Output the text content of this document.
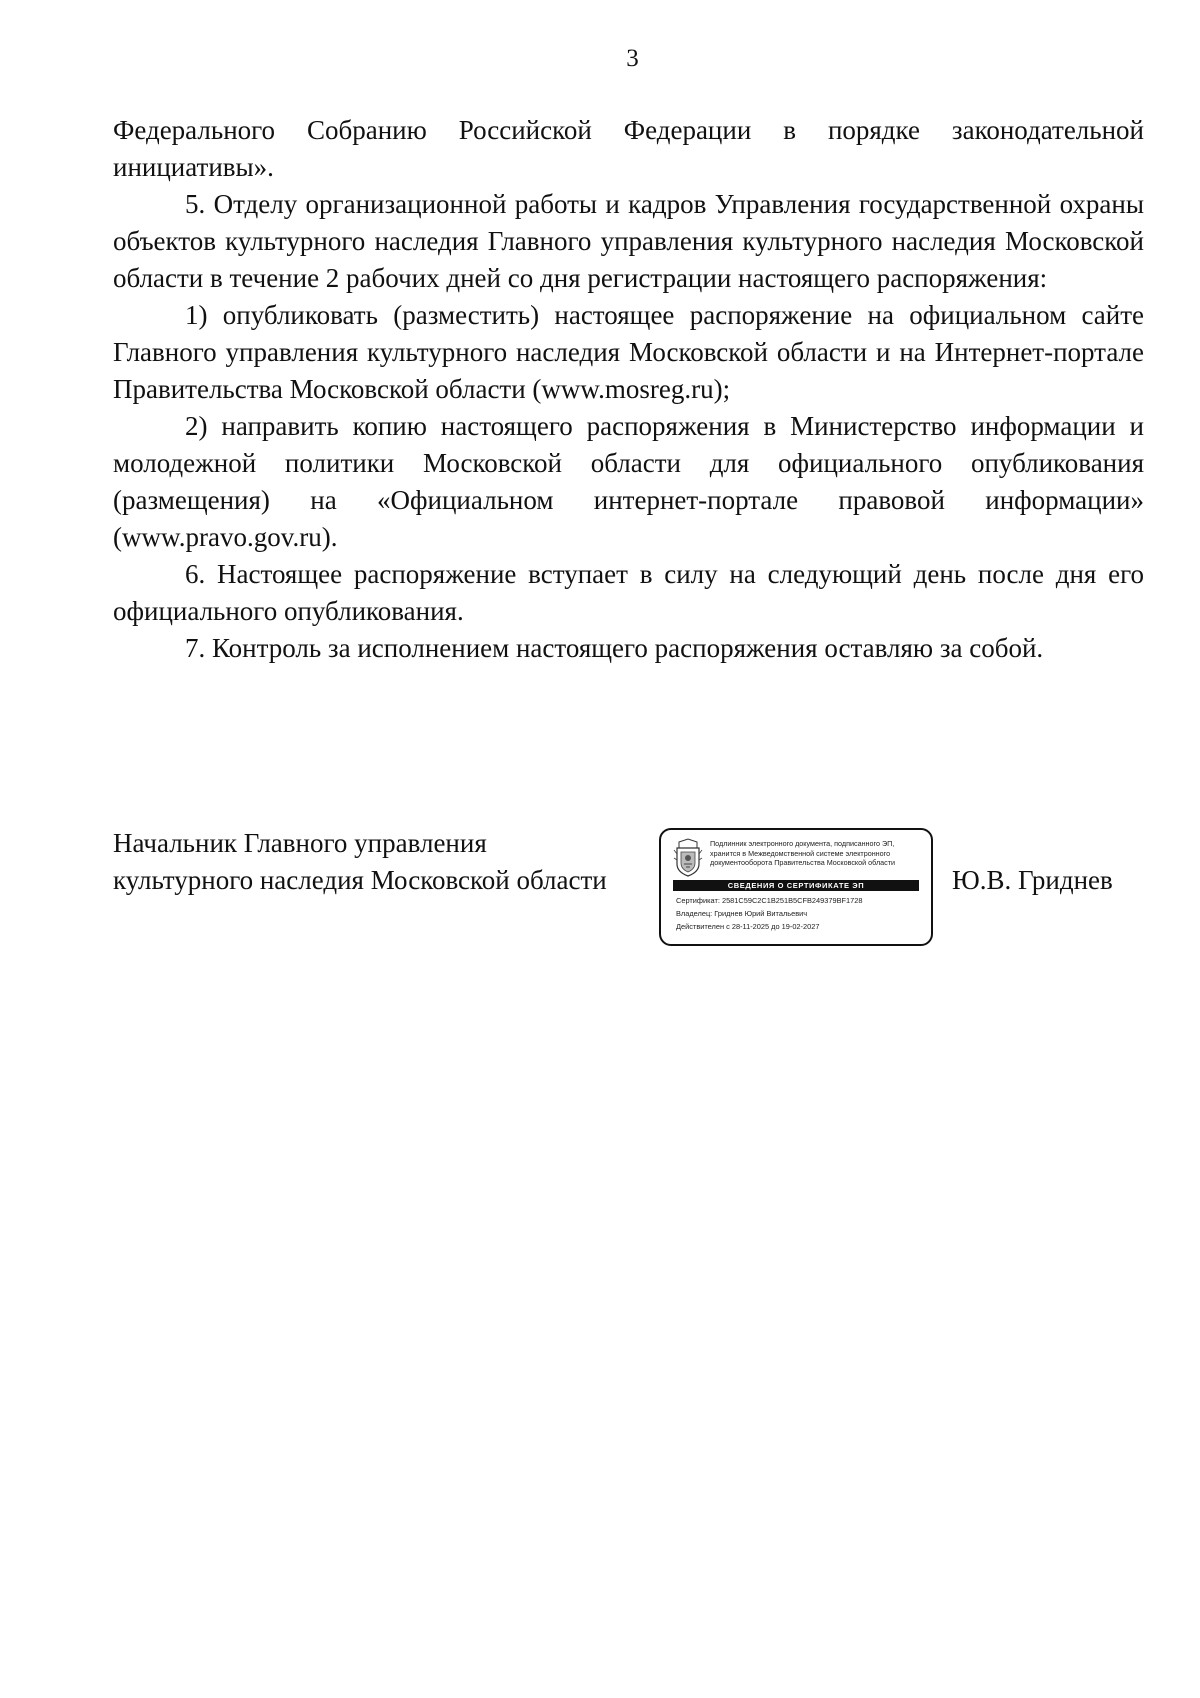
3

Федерального Собранию Российской Федерации в порядке законодательной инициативы».

5. Отделу организационной работы и кадров Управления государственной охраны объектов культурного наследия Главного управления культурного наследия Московской области в течение 2 рабочих дней со дня регистрации настоящего распоряжения:

1) опубликовать (разместить) настоящее распоряжение на официальном сайте Главного управления культурного наследия Московской области и на Интернет-портале Правительства Московской области (www.mosreg.ru);

2) направить копию настоящего распоряжения в Министерство информации и молодежной политики Московской области для официального опубликования (размещения) на «Официальном интернет-портале правовой информации» (www.pravo.gov.ru).

6. Настоящее распоряжение вступает в силу на следующий день после дня его официального опубликования.

7. Контроль за исполнением настоящего распоряжения оставляю за собой.

Начальник Главного управления
культурного наследия Московской области
Подлинник электронного документа, подписанного ЭП,
хранится в Межведомственной системе электронного
документооборота Правительства Московской области
СВЕДЕНИЯ О СЕРТИФИКАТЕ ЭП
Сертификат: 2581C59C2C1B251B5CFB249379BF1728
Владелец: Гриднев Юрий Витальевич
Действителен с 28-11-2025 до 19-02-2027
Ю.В. Гриднев
